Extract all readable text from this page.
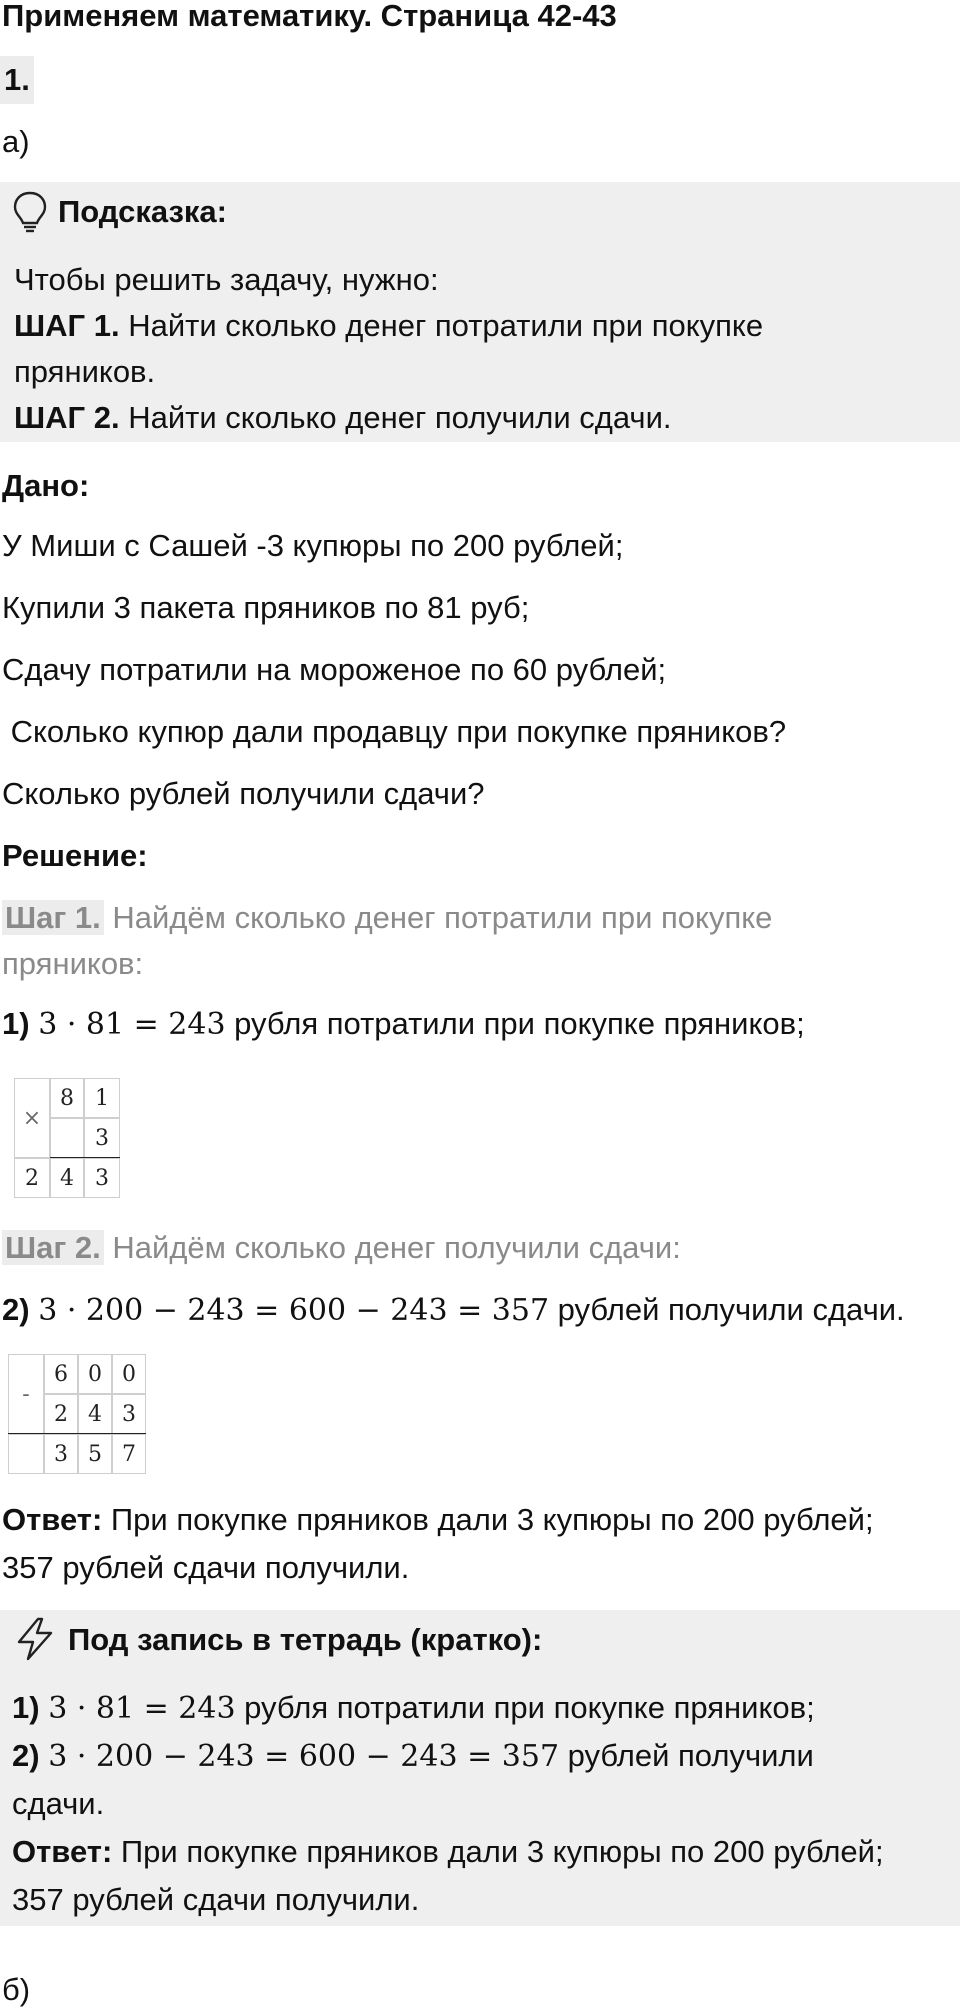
Применяем математику. Страница 42-43
1.
а)
Подсказка:
Чтобы решить задачу, нужно:
ШАГ 1. Найти сколько денег потратили при покупке
пряников.
ШАГ 2. Найти сколько денег получили сдачи.
Дано:
У Миши с Сашей -3 купюры по 200 рублей;
Купили 3 пакета пряников по 81 руб;
Сдачу потратили на мороженое по 60 рублей;
Сколько купюр дали продавцу при покупке пряников?
Сколько рублей получили сдачи?
Решение:
Шаг 1. Найдём сколько денег потратили при покупке
пряников:
1) 3 · 81 = 243 рубля потратили при покупке пряников;
×
8 1
3
2 4 3
Шаг 2. Найдём сколько денег получили сдачи:
2) 3 · 200 − 243 = 600 − 243 = 357 рублей получили сдачи.
-
6 0 0
2 4 3
3 5 7
Ответ: При покупке пряников дали 3 купюры по 200 рублей;
357 рублей сдачи получили.
Под запись в тетрадь (кратко):
1) 3 · 81 = 243 рубля потратили при покупке пряников;
2) 3 · 200 − 243 = 600 − 243 = 357 рублей получили
сдачи.
Ответ: При покупке пряников дали 3 купюры по 200 рублей;
357 рублей сдачи получили.
б)
